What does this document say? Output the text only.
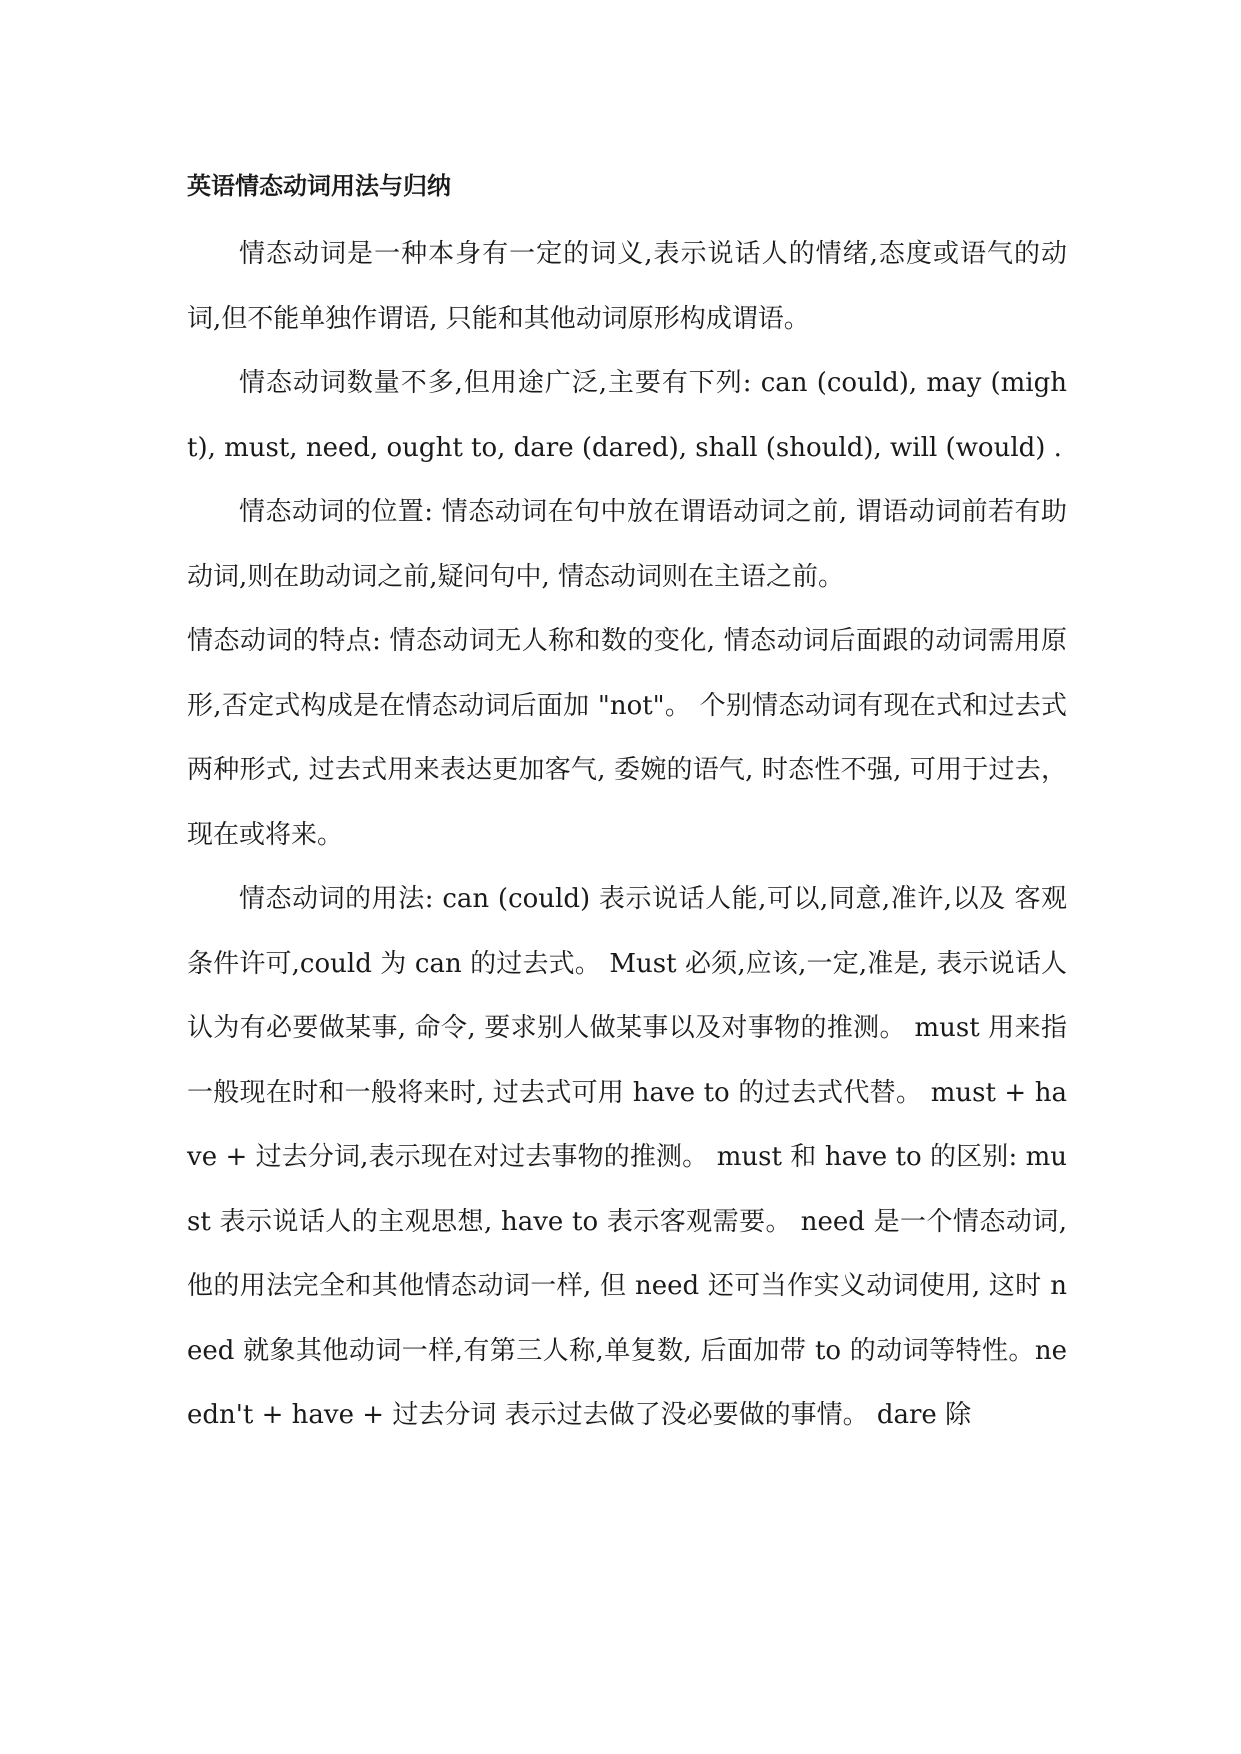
英语情态动词用法与归纳

情态动词是一种本身有一定的词义,表示说话人的情绪,态度或语气的动词,但不能单独作谓语, 只能和其他动词原形构成谓语。

情态动词数量不多,但用途广泛,主要有下列: can (could), may (might), must, need, ought to, dare (dared), shall (should), will (would) .

情态动词的位置: 情态动词在句中放在谓语动词之前, 谓语动词前若有助动词,则在助动词之前,疑问句中, 情态动词则在主语之前。

情态动词的特点: 情态动词无人称和数的变化, 情态动词后面跟的动词需用原形,否定式构成是在情态动词后面加 "not"。 个别情态动词有现在式和过去式两种形式, 过去式用来表达更加客气, 委婉的语气, 时态性不强, 可用于过去，现在或将来。

情态动词的用法: can (could) 表示说话人能,可以,同意,准许,以及 客观条件许可,could 为 can 的过去式。 Must 必须,应该,一定,准是, 表示说话人认为有必要做某事, 命令, 要求别人做某事以及对事物的推测。 must 用来指一般现在时和一般将来时, 过去式可用 have to 的过去式代替。 must + have + 过去分词,表示现在对过去事物的推测。 must 和 have to 的区别: must 表示说话人的主观思想, have to 表示客观需要。 need 是一个情态动词, 他的用法完全和其他情态动词一样, 但 need 还可当作实义动词使用, 这时 need 就象其他动词一样,有第三人称,单复数, 后面加带 to 的动词等特性。needn't + have + 过去分词 表示过去做了没必要做的事情。 dare 除
